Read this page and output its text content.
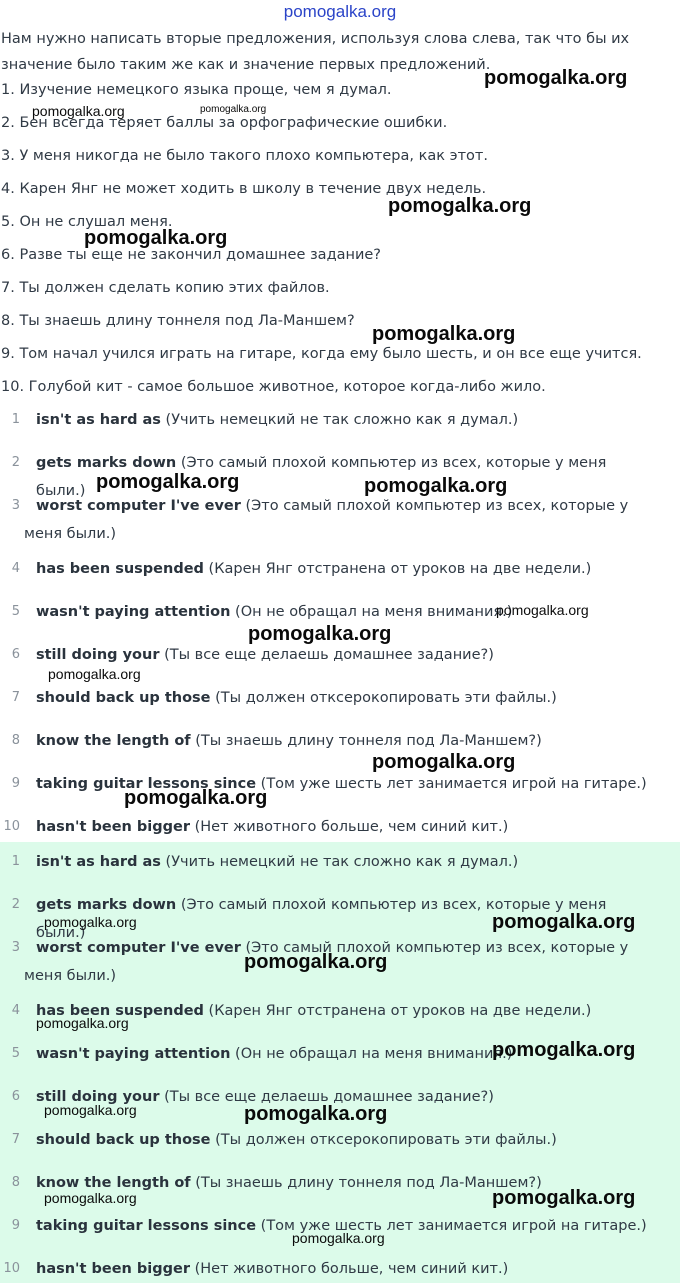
pomogalka.org
Нам нужно написать вторые предложения, используя слова слева, так что бы их значение было таким же как и значение первых предложений.
1. Изучение немецкого языка проще, чем я думал.
2. Бен всегда теряет баллы за орфографические ошибки.
3. У меня никогда не было такого плохо компьютера, как этот.
4. Карен Янг не может ходить в школу в течение двух недель.
5. Он не слушал меня.
6. Разве ты еще не закончил домашнее задание?
7. Ты должен сделать копию этих файлов.
8. Ты знаешь длину тоннеля под Ла-Маншем?
9. Том начал учился играть на гитаре, когда ему было шесть, и он все еще учится.
10. Голубой кит - самое большое животное, которое когда-либо жило.
1 isn't as hard as (Учить немецкий не так сложно как я думал.)
2 gets marks down (Это самый плохой компьютер из всех, которые у меня были.)
3	worst computer I've ever (Это самый плохой компьютер из всех, которые у меня были.)
4 has been suspended (Карен Янг отстранена от уроков на две недели.)
5 wasn't paying attention (Он не обращал на меня внимания.)
6 still doing your (Ты все еще делаешь домашнее задание?)
7 should back up those (Ты должен отксерокопировать эти файлы.)
8 know the length of (Ты знаешь длину тоннеля под Ла-Маншем?)
9 taking guitar lessons since (Том уже шесть лет занимается игрой на гитаре.)
10 hasn't been bigger (Нет животного больше, чем синий кит.)
1 isn't as hard as (Учить немецкий не так сложно как я думал.)
2 gets marks down (Это самый плохой компьютер из всех, которые у меня были.)
3	worst computer I've ever (Это самый плохой компьютер из всех, которые у меня были.)
4 has been suspended (Карен Янг отстранена от уроков на две недели.)
5 wasn't paying attention (Он не обращал на меня внимания.)
6 still doing your (Ты все еще делаешь домашнее задание?)
7 should back up those (Ты должен отксерокопировать эти файлы.)
8 know the length of (Ты знаешь длину тоннеля под Ла-Маншем?)
9 taking guitar lessons since (Том уже шесть лет занимается игрой на гитаре.)
10 hasn't been bigger (Нет животного больше, чем синий кит.)
pomogalka.org
pomogalka.org	pomogalka.org
pomogalka.org
pomogalka.org
pomogalka.org
pomogalka.org	pomogalka.org
pomogalka.org
pomogalka.org
pomogalka.org
pomogalka.org
pomogalka.org
pomogalka.org	pomogalka.org
pomogalka.org
pomogalka.org
pomogalka.org
pomogalka.org	pomogalka.org
pomogalka.org	pomogalka.org
pomogalka.org
